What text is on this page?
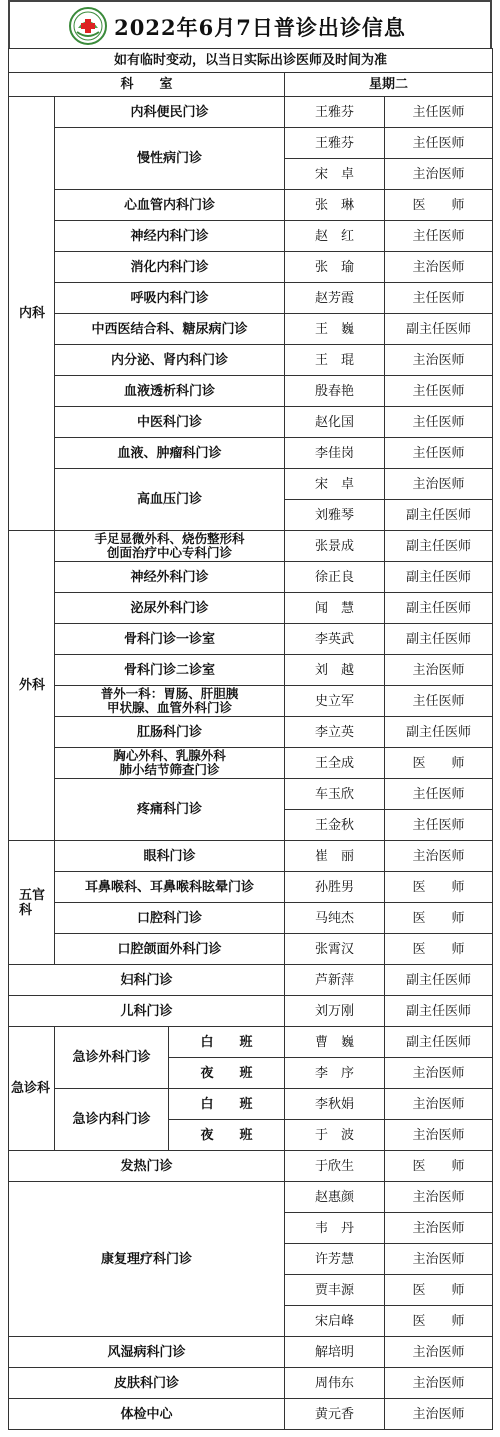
2022年6月7日普诊出诊信息
如有临时变动，以当日实际出诊医师及时间为准				
科　　室			星期二	
内科	内科便民门诊		王雅芬	主任医师
	慢性病门诊		王雅芬	主任医师
			宋　卓	主治医师
	心血管内科门诊		张　琳	医　　师
	神经内科门诊		赵　红	主任医师
	消化内科门诊		张　瑜	主治医师
	呼吸内科门诊		赵芳霞	主任医师
	中西医结合科、糖尿病门诊		王　巍	副主任医师
	内分泌、肾内科门诊		王　琨	主治医师
	血液透析科门诊		殷春艳	主任医师
	中医科门诊		赵化国	主任医师
	血液、肿瘤科门诊		李佳岗	主任医师
	高血压门诊		宋　卓	主治医师
			刘雅琴	副主任医师
外科	手足显微外科、烧伤整形科
创面治疗中心专科门诊		张景成	副主任医师
	神经外科门诊		徐正良	副主任医师
	泌尿外科门诊		闻　慧	副主任医师
	骨科门诊一诊室		李英武	副主任医师
	骨科门诊二诊室		刘　越	主治医师
	普外一科：胃肠、肝胆胰
甲状腺、血管外科门诊		史立军	主任医师
	肛肠科门诊		李立英	副主任医师
	胸心外科、乳腺外科
肺小结节筛查门诊		王全成	医　　师
	疼痛科门诊		车玉欣	主任医师
			王金秋	主任医师
五官科	眼科门诊		崔　丽	主治医师
	耳鼻喉科、耳鼻喉科眩晕门诊		孙胜男	医　　师
	口腔科门诊		马纯杰	医　　师
	口腔颌面外科门诊		张霄汉	医　　师
妇科门诊			芦新萍	副主任医师
儿科门诊			刘万刚	副主任医师
急诊科	急诊外科门诊	白　　班	曹　巍	副主任医师
		夜　　班	李　序	主治医师
	急诊内科门诊	白　　班	李秋娟	主治医师
		夜　　班	于　波	主治医师
发热门诊			于欣生	医　　师
康复理疗科门诊			赵惠颜	主治医师
			韦　丹	主治医师
			许芳慧	主治医师
			贾丰源	医　　师
			宋启峰	医　　师
风湿病科门诊			解培明	主治医师
皮肤科门诊			周伟东	主治医师
体检中心			黄元香	主治医师
